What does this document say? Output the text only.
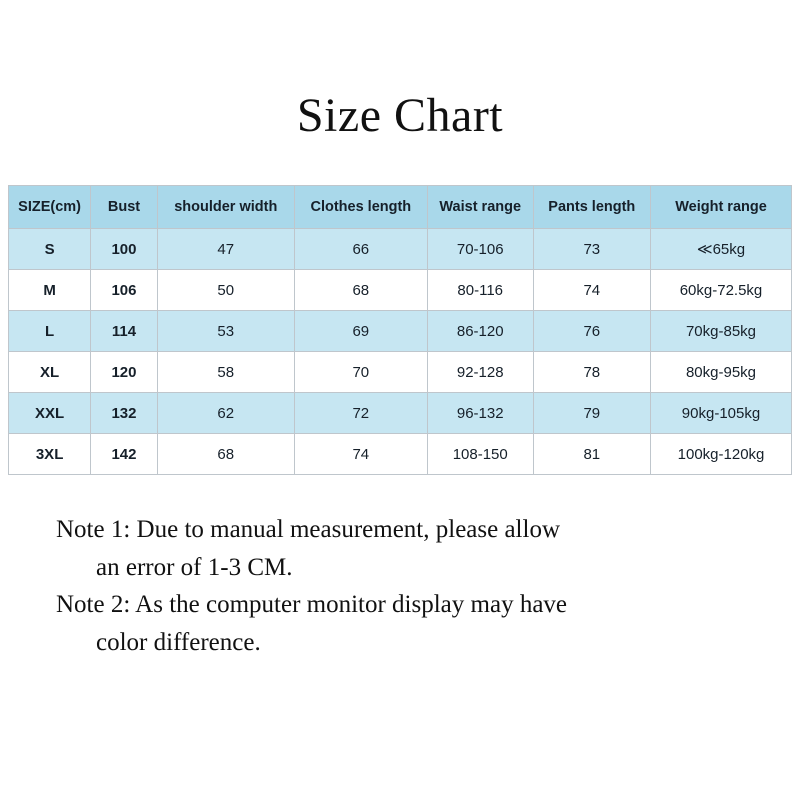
Size Chart
SIZE(cm)	Bust	shoulder width	Clothes length	Waist range	Pants length	Weight range
S	100	47	66	70-106	73	≪65kg
M	106	50	68	80-116	74	60kg-72.5kg
L	114	53	69	86-120	76	70kg-85kg
XL	120	58	70	92-128	78	80kg-95kg
XXL	132	62	72	96-132	79	90kg-105kg
3XL	142	68	74	108-150	81	100kg-120kg
Note 1: Due to manual measurement, please allow
an error of 1-3 CM.
Note 2: As the computer monitor display may have
color difference.
